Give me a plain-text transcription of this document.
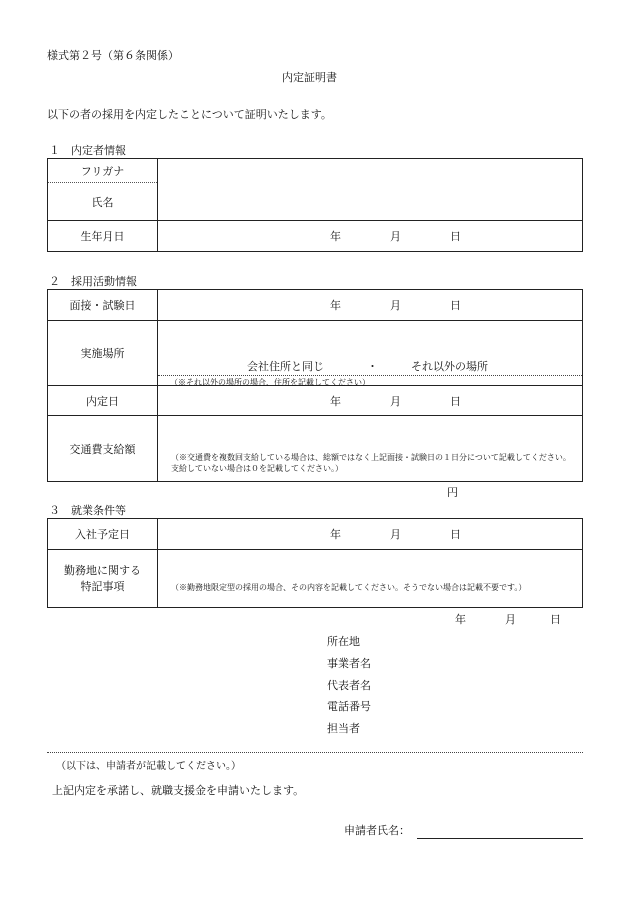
様式第２号（第６条関係）
内定証明書
以下の者の採用を内定したことについて証明いたします。
１　内定者情報
フリガナ	
氏名	
生年月日	年 月 日
２　採用活動情報
面接・試験日	年 月 日

実施場所	会社住所と同じ ・ それ以外の場所
（※それ以外の場所の場合、住所を記載してください）

内定日	年 月 日

交通費支給額	（※交通費を複数回支給している場合は、総額ではなく上記面接・試験日の１日分について記載してください。支給していない場合は０を記載してください。）
円
３　就業条件等
入社予定日	年 月 日

勤務地に関する
特記事項	（※勤務地限定型の採用の場合、その内容を記載してください。そうでない場合は記載不要です。）
年	月	日
所在地
事業者名
代表者名
電話番号
担当者
（以下は、申請者が記載してください。）
上記内定を承諾し、就職支援金を申請いたします。
申請者氏名：
